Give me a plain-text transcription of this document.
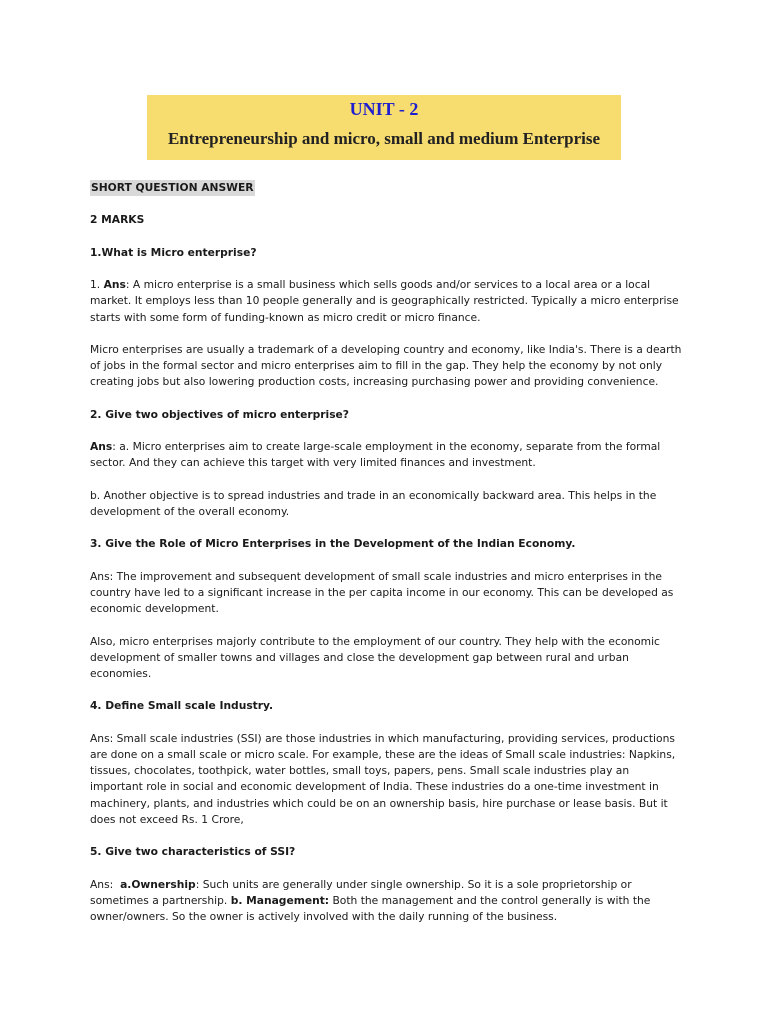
UNIT - 2
Entrepreneurship and micro, small and medium Enterprise

SHORT QUESTION ANSWER

2 MARKS

1.What is Micro enterprise?

1. Ans: A micro enterprise is a small business which sells goods and/or services to a local area or a local market. It employs less than 10 people generally and is geographically restricted. Typically a micro enterprise starts with some form of funding-known as micro credit or micro finance.

Micro enterprises are usually a trademark of a developing country and economy, like India's. There is a dearth of jobs in the formal sector and micro enterprises aim to fill in the gap. They help the economy by not only creating jobs but also lowering production costs, increasing purchasing power and providing convenience.

2. Give two objectives of micro enterprise?

Ans: a. Micro enterprises aim to create large-scale employment in the economy, separate from the formal sector. And they can achieve this target with very limited finances and investment.

b. Another objective is to spread industries and trade in an economically backward area. This helps in the development of the overall economy.

3. Give the Role of Micro Enterprises in the Development of the Indian Economy.

Ans: The improvement and subsequent development of small scale industries and micro enterprises in the country have led to a significant increase in the per capita income in our economy. This can be developed as economic development.

Also, micro enterprises majorly contribute to the employment of our country. They help with the economic development of smaller towns and villages and close the development gap between rural and urban economies.

4. Define Small scale Industry.

Ans: Small scale industries (SSI) are those industries in which manufacturing, providing services, productions are done on a small scale or micro scale. For example, these are the ideas of Small scale industries: Napkins, tissues, chocolates, toothpick, water bottles, small toys, papers, pens. Small scale industries play an important role in social and economic development of India. These industries do a one-time investment in machinery, plants, and industries which could be on an ownership basis, hire purchase or lease basis. But it does not exceed Rs. 1 Crore,

5. Give two characteristics of SSI?

Ans:  a.Ownership: Such units are generally under single ownership. So it is a sole proprietorship or sometimes a partnership. b. Management: Both the management and the control generally is with the owner/owners. So the owner is actively involved with the daily running of the business.
